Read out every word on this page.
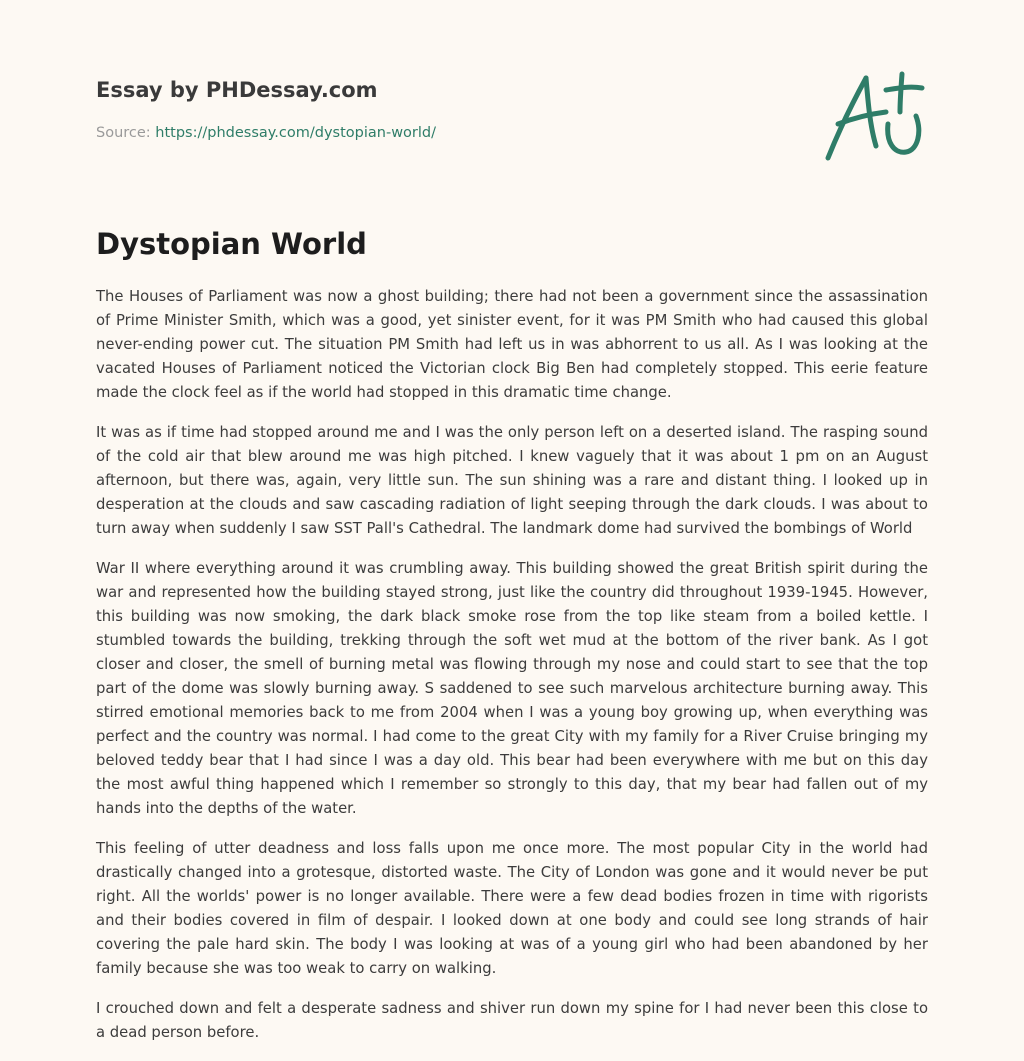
Essay by PHDessay.com
Source: https://phdessay.com/dystopian-world/
Dystopian World

The Houses of Parliament was now a ghost building; there had not been a government since the assassination of Prime Minister Smith, which was a good, yet sinister event, for it was PM Smith who had caused this global never-ending power cut. The situation PM Smith had left us in was abhorrent to us all. As I was looking at the vacated Houses of Parliament noticed the Victorian clock Big Ben had completely stopped. This eerie feature made the clock feel as if the world had stopped in this dramatic time change.

It was as if time had stopped around me and I was the only person left on a deserted island. The rasping sound of the cold air that blew around me was high pitched. I knew vaguely that it was about 1 pm on an August afternoon, but there was, again, very little sun. The sun shining was a rare and distant thing. I looked up in desperation at the clouds and saw cascading radiation of light seeping through the dark clouds. I was about to turn away when suddenly I saw SST Pall's Cathedral. The landmark dome had survived the bombings of World

War II where everything around it was crumbling away. This building showed the great British spirit during the war and represented how the building stayed strong, just like the country did throughout 1939-1945. However, this building was now smoking, the dark black smoke rose from the top like steam from a boiled kettle. I stumbled towards the building, trekking through the soft wet mud at the bottom of the river bank. As I got closer and closer, the smell of burning metal was flowing through my nose and could start to see that the top part of the dome was slowly burning away. S saddened to see such marvelous architecture burning away. This stirred emotional memories back to me from 2004 when I was a young boy growing up, when everything was perfect and the country was normal. I had come to the great City with my family for a River Cruise bringing my beloved teddy bear that I had since I was a day old. This bear had been everywhere with me but on this day the most awful thing happened which I remember so strongly to this day, that my bear had fallen out of my hands into the depths of the water.

This feeling of utter deadness and loss falls upon me once more. The most popular City in the world had drastically changed into a grotesque, distorted waste. The City of London was gone and it would never be put right. All the worlds' power is no longer available. There were a few dead bodies frozen in time with rigorists and their bodies covered in film of despair. I looked down at one body and could see long strands of hair covering the pale hard skin. The body I was looking at was of a young girl who had been abandoned by her family because she was too weak to carry on walking.

I crouched down and felt a desperate sadness and shiver run down my spine for I had never been this close to a dead person before.
